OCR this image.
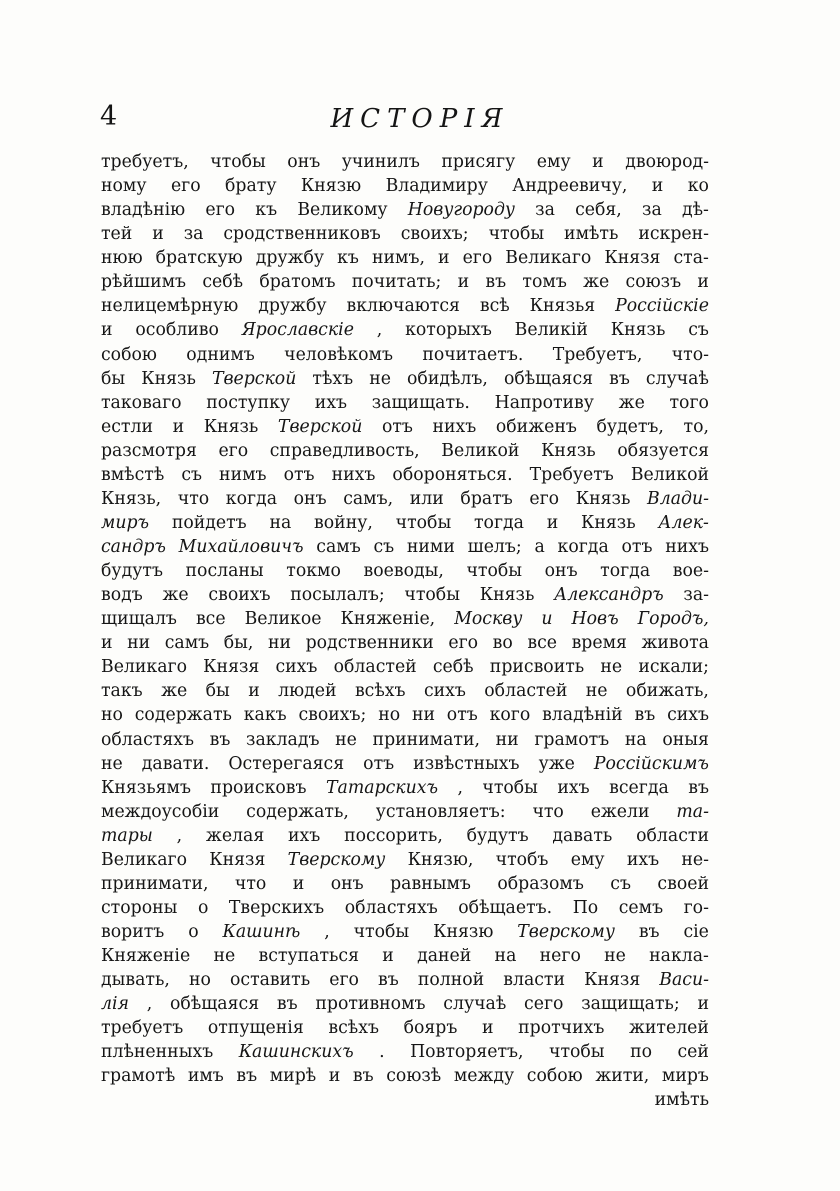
4	ИСТОРІЯ
требуетъ, чтобы онъ учинилъ присягу ему и двоюрод-
ному его брату Князю Владимиру Андреевичу, и ко
владѣнію его къ Великому Новугороду за себя, за дѣ-
тей и за сродственниковъ своихъ; чтобы имѣть искрен-
нюю братскую дружбу къ нимъ, и его Великаго Князя ста-
рѣйшимъ себѣ братомъ почитать; и въ томъ же союзъ и
нелицемѣрную дружбу включаются всѣ Князья Россійскіе
и особливо Ярославскіе , которыхъ Великій Князь съ
собою однимъ человѣкомъ почитаетъ. Требуетъ, что-
бы Князь Тверской тѣхъ не обидѣлъ, обѣщаяся въ случаѣ
таковаго поступку ихъ защищать. Напротиву же того
естли и Князь Тверской отъ нихъ обиженъ будетъ, то,
разсмотря его справедливость, Великой Князь обязуется
вмѣстѣ съ нимъ отъ нихъ обороняться. Требуетъ Великой
Князь, что когда онъ самъ, или братъ его Князь Влади-
миръ пойдетъ на войну, чтобы тогда и Князь Алек-
сандръ Михайловичъ самъ съ ними шелъ; а когда отъ нихъ
будутъ посланы токмо воеводы, чтобы онъ тогда вое-
водъ же своихъ посылалъ; чтобы Князь Александръ за-
щищалъ все Великое Княженіе, Москву и Новъ Городъ,
и ни самъ бы, ни родственники его во все время живота
Великаго Князя сихъ областей себѣ присвоить не искали;
такъ же бы и людей всѣхъ сихъ областей не обижать,
но содержать какъ своихъ; но ни отъ кого владѣній въ сихъ
областяхъ въ закладъ не принимати, ни грамотъ на оныя
не давати. Остерегаяся отъ извѣстныхъ уже Россійскимъ
Князьямъ происковъ Татарскихъ , чтобы ихъ всегда въ
междоусобіи содержать, установляетъ: что ежели та-
тары , желая ихъ поссорить, будутъ давать области
Великаго Князя Тверскому Князю, чтобъ ему ихъ не-
принимати, что и онъ равнымъ образомъ съ своей
стороны о Тверскихъ областяхъ обѣщаетъ. По семъ го-
воритъ о Кашинѣ , чтобы Князю Тверскому въ сіе
Княженіе не вступаться и даней на него не накла-
дывать, но оставить его въ полной власти Князя Васи-
лія , обѣщаяся въ противномъ случаѣ сего защищать; и
требуетъ отпущенія всѣхъ бояръ и протчихъ жителей
плѣненныхъ Кашинскихъ . Повторяетъ, чтобы по сей
грамотѣ имъ въ мирѣ и въ союзѣ между собою жити, миръ
имѣть
